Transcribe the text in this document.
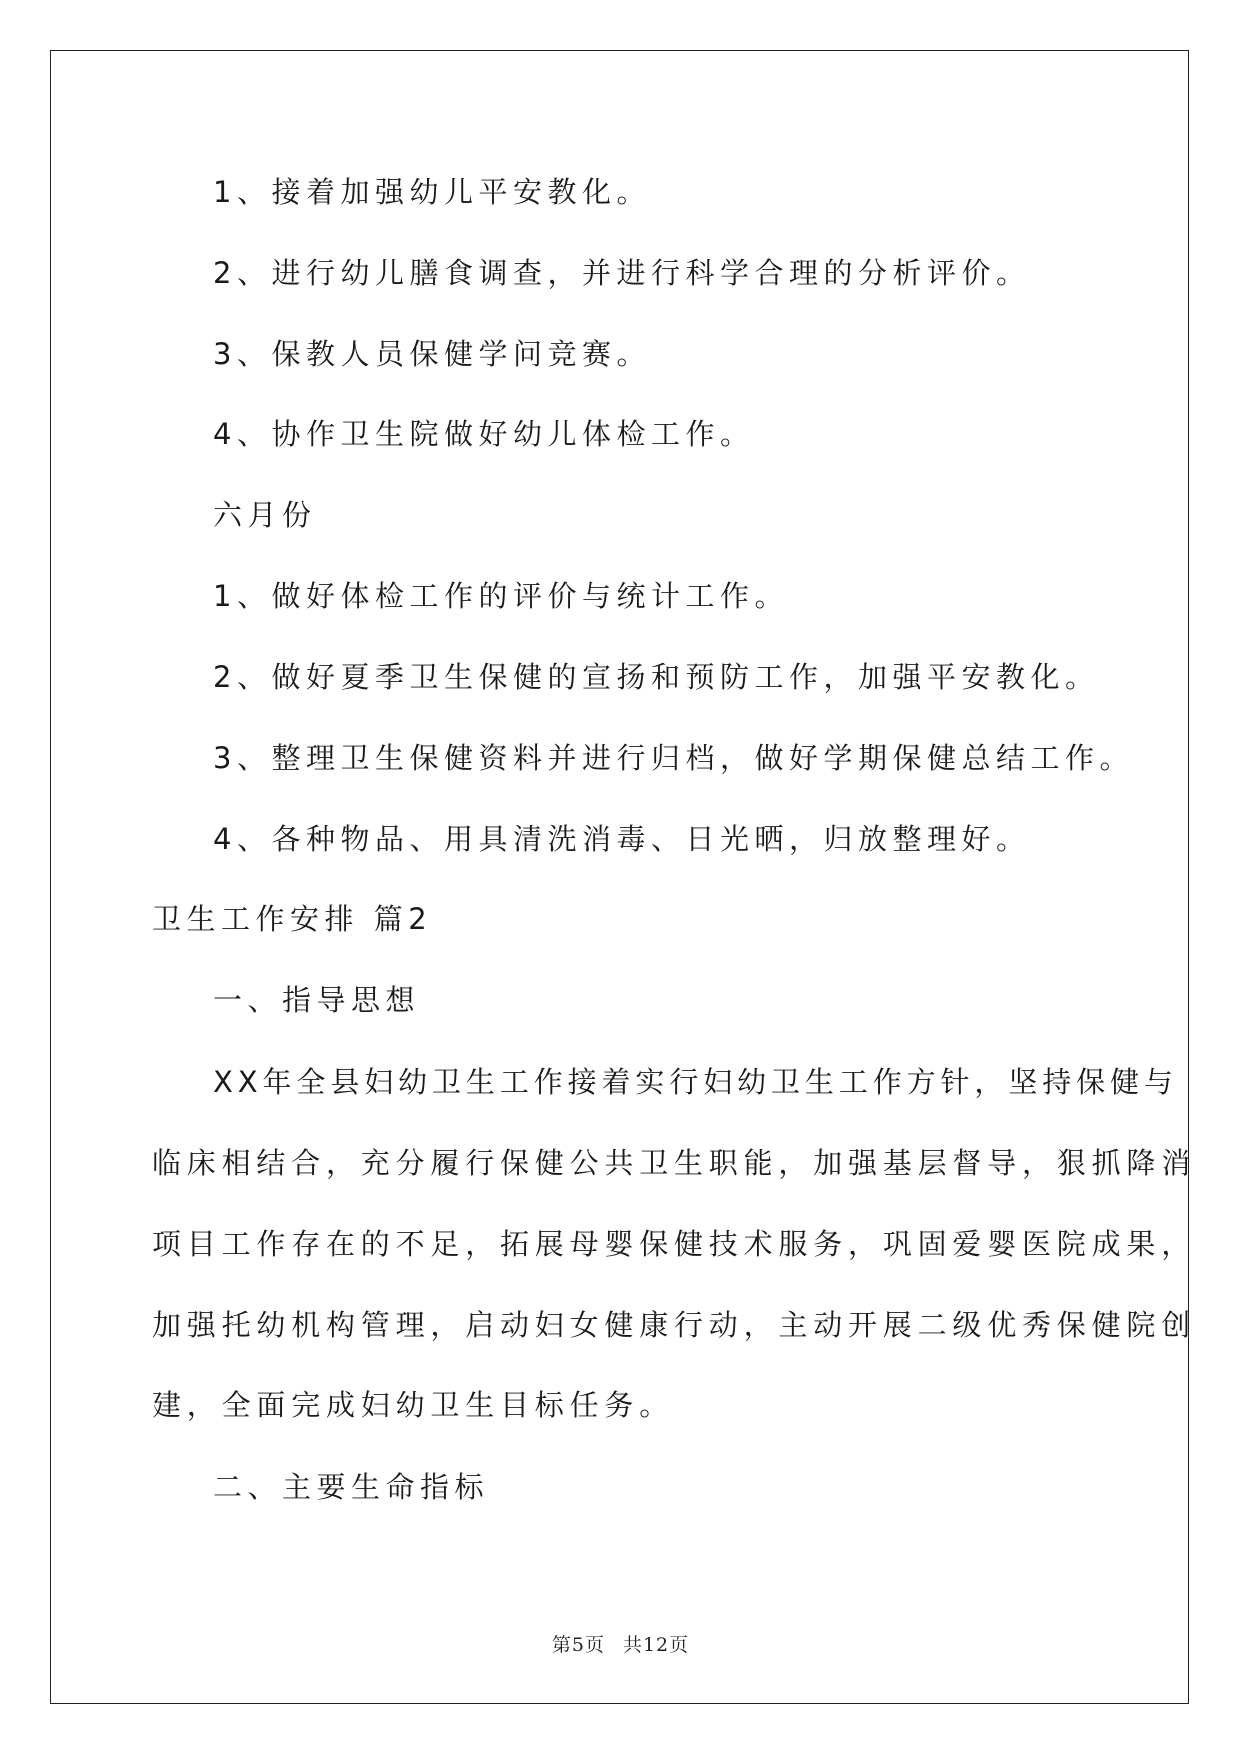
1、接着加强幼儿平安教化。
2、进行幼儿膳食调查，并进行科学合理的分析评价。
3、保教人员保健学问竞赛。
4、协作卫生院做好幼儿体检工作。
六月份
1、做好体检工作的评价与统计工作。
2、做好夏季卫生保健的宣扬和预防工作，加强平安教化。
3、整理卫生保健资料并进行归档，做好学期保健总结工作。
4、各种物品、用具清洗消毒、日光晒，归放整理好。
卫生工作安排 篇2
一、指导思想
XX年全县妇幼卫生工作接着实行妇幼卫生工作方针，坚持保健与
临床相结合，充分履行保健公共卫生职能，加强基层督导，狠抓降消
项目工作存在的不足，拓展母婴保健技术服务，巩固爱婴医院成果，
加强托幼机构管理，启动妇女健康行动，主动开展二级优秀保健院创
建，全面完成妇幼卫生目标任务。
二、主要生命指标
第5页 共12页
